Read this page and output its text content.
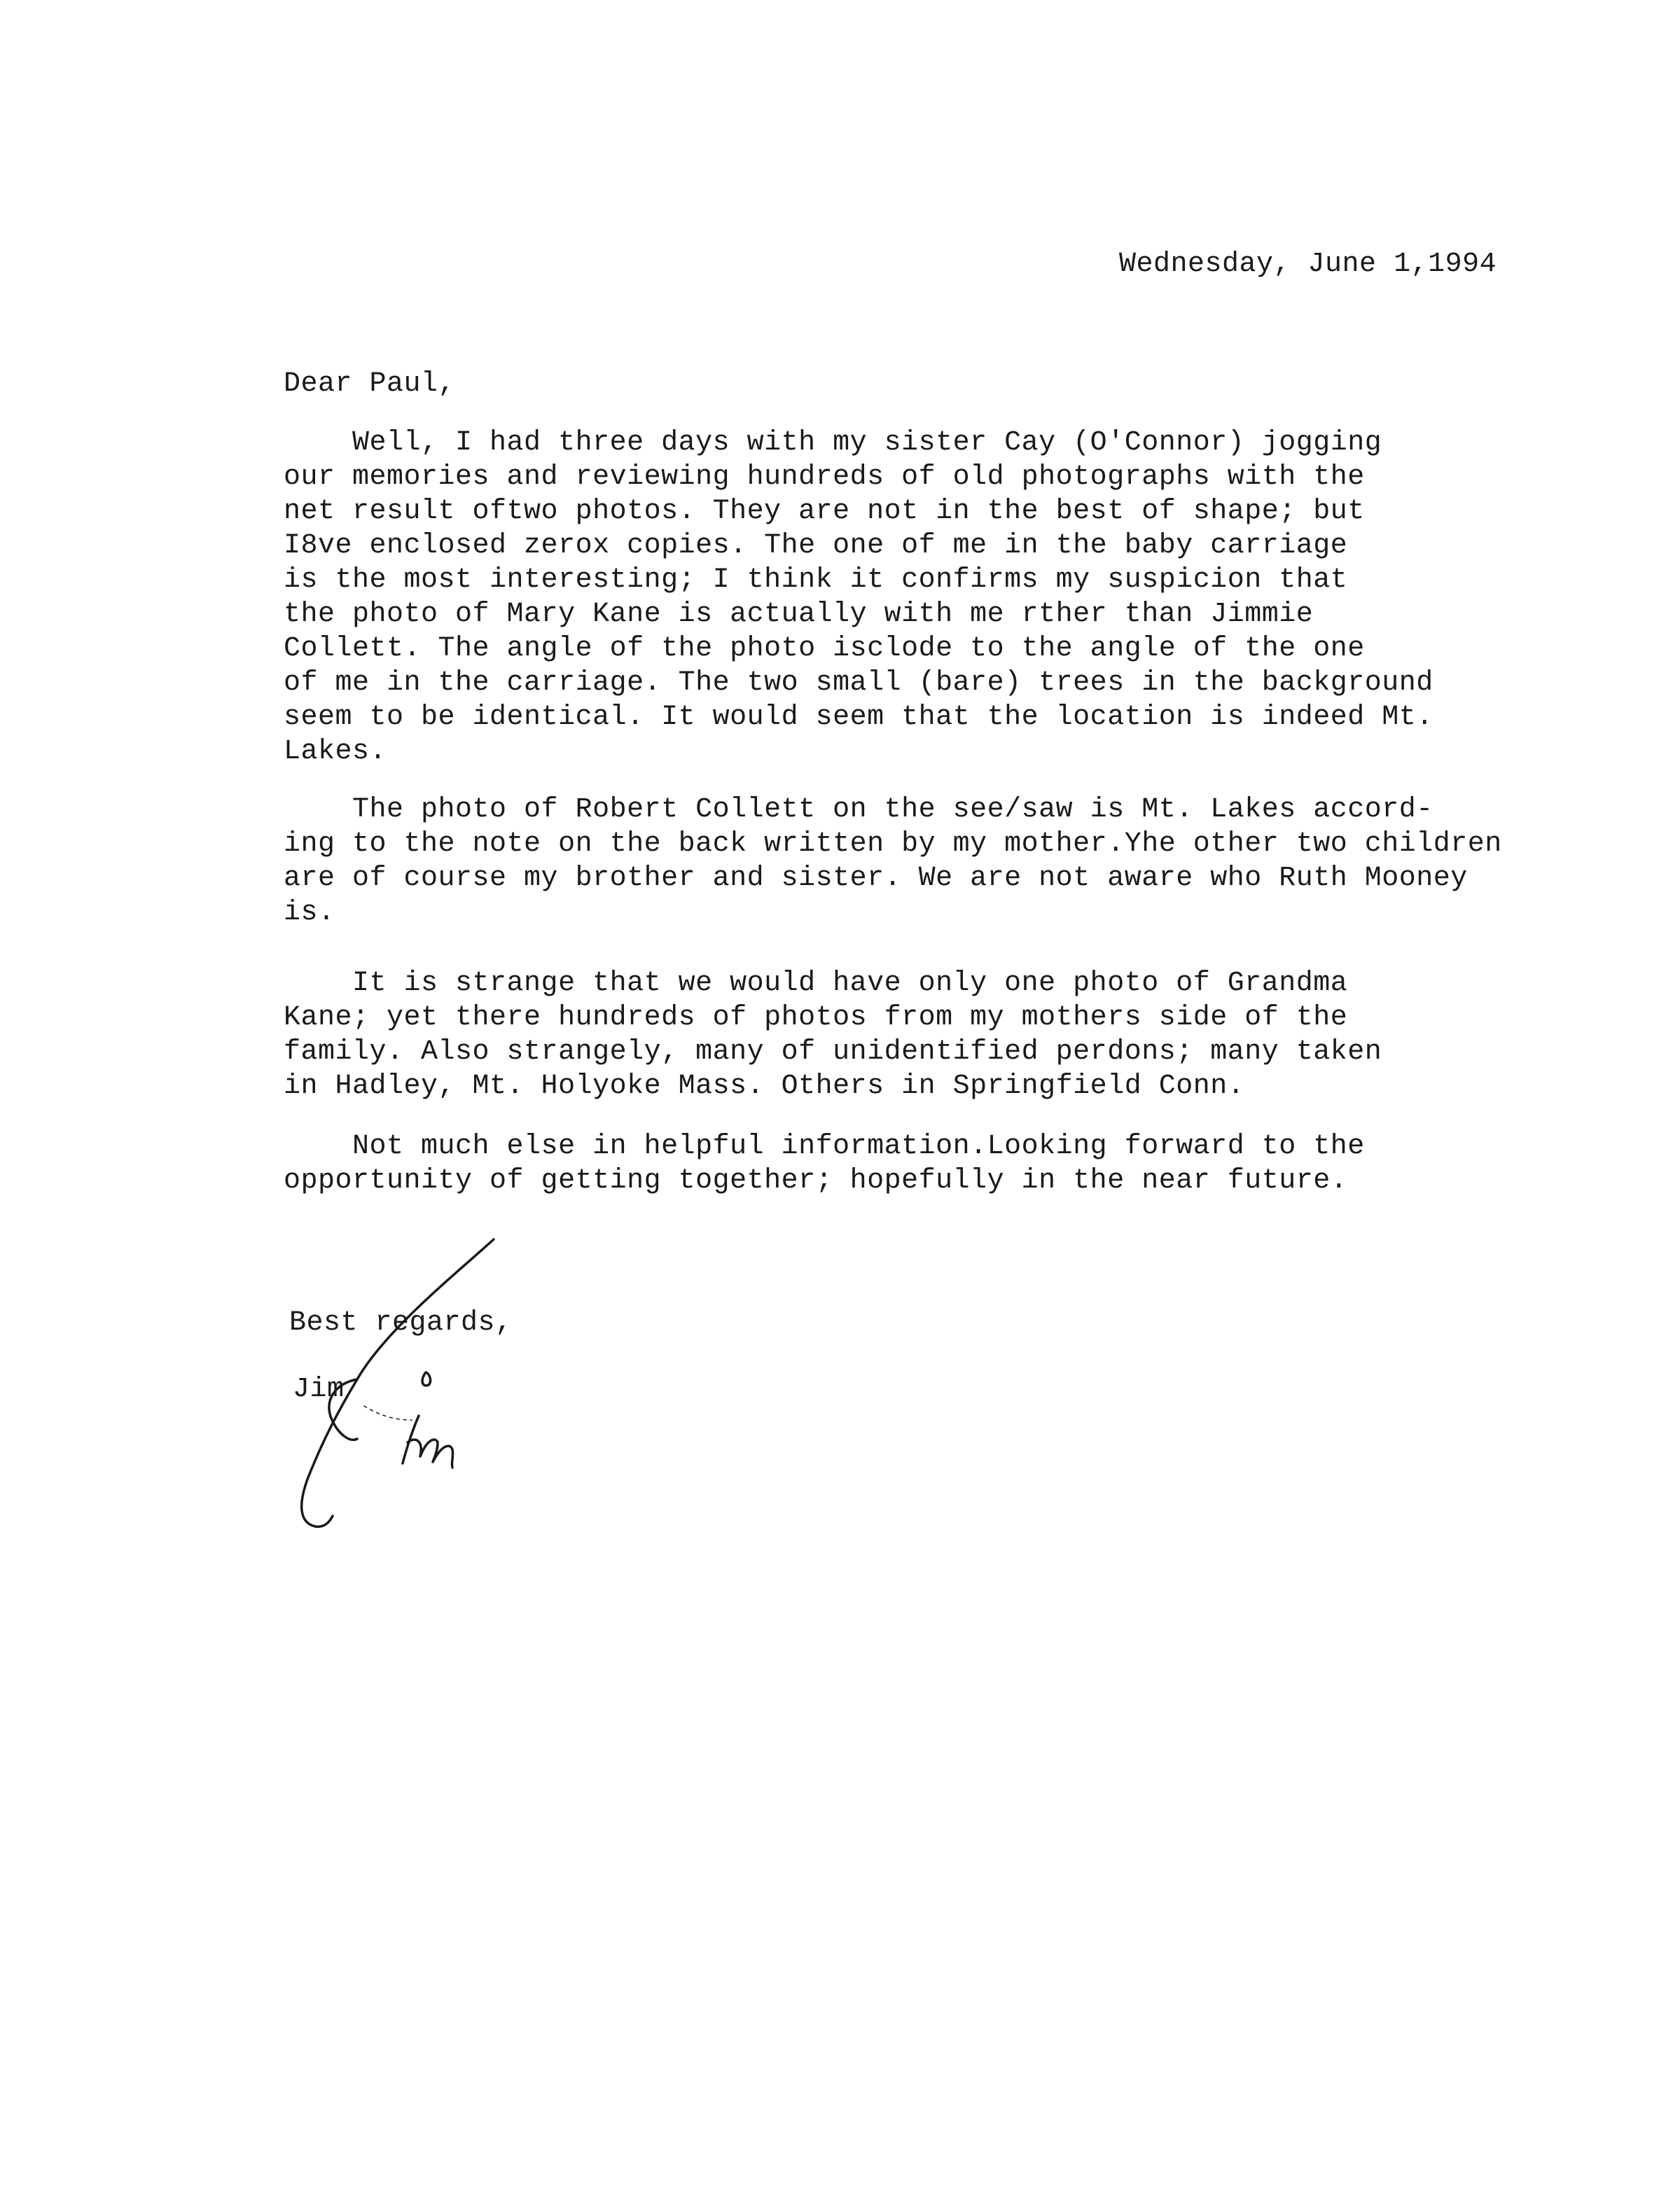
Wednesday, June 1,1994
Dear Paul,
Well, I had three days with my sister Cay (O'Connor) jogging
our memories and reviewing hundreds of old photographs with the
net result oftwo photos. They are not in the best of shape; but
I8ve enclosed zerox copies. The one of me in the baby carriage
is the most interesting; I think it confirms my suspicion that
the photo of Mary Kane is actually with me rther than Jimmie
Collett. The angle of the photo isclode to the angle of the one
of me in the carriage. The two small (bare) trees in the background
seem to be identical. It would seem that the location is indeed Mt.
Lakes.
The photo of Robert Collett on the see/saw is Mt. Lakes accord-
ing to the note on the back written by my mother.Yhe other two children
are of course my brother and sister. We are not aware who Ruth Mooney
is.
It is strange that we would have only one photo of Grandma
Kane; yet there hundreds of photos from my mothers side of the
family. Also strangely, many of unidentified perdons; many taken
in Hadley, Mt. Holyoke Mass. Others in Springfield Conn.
Not much else in helpful information.Looking forward to the
opportunity of getting together; hopefully in the near future.
Best regards,
Jim
